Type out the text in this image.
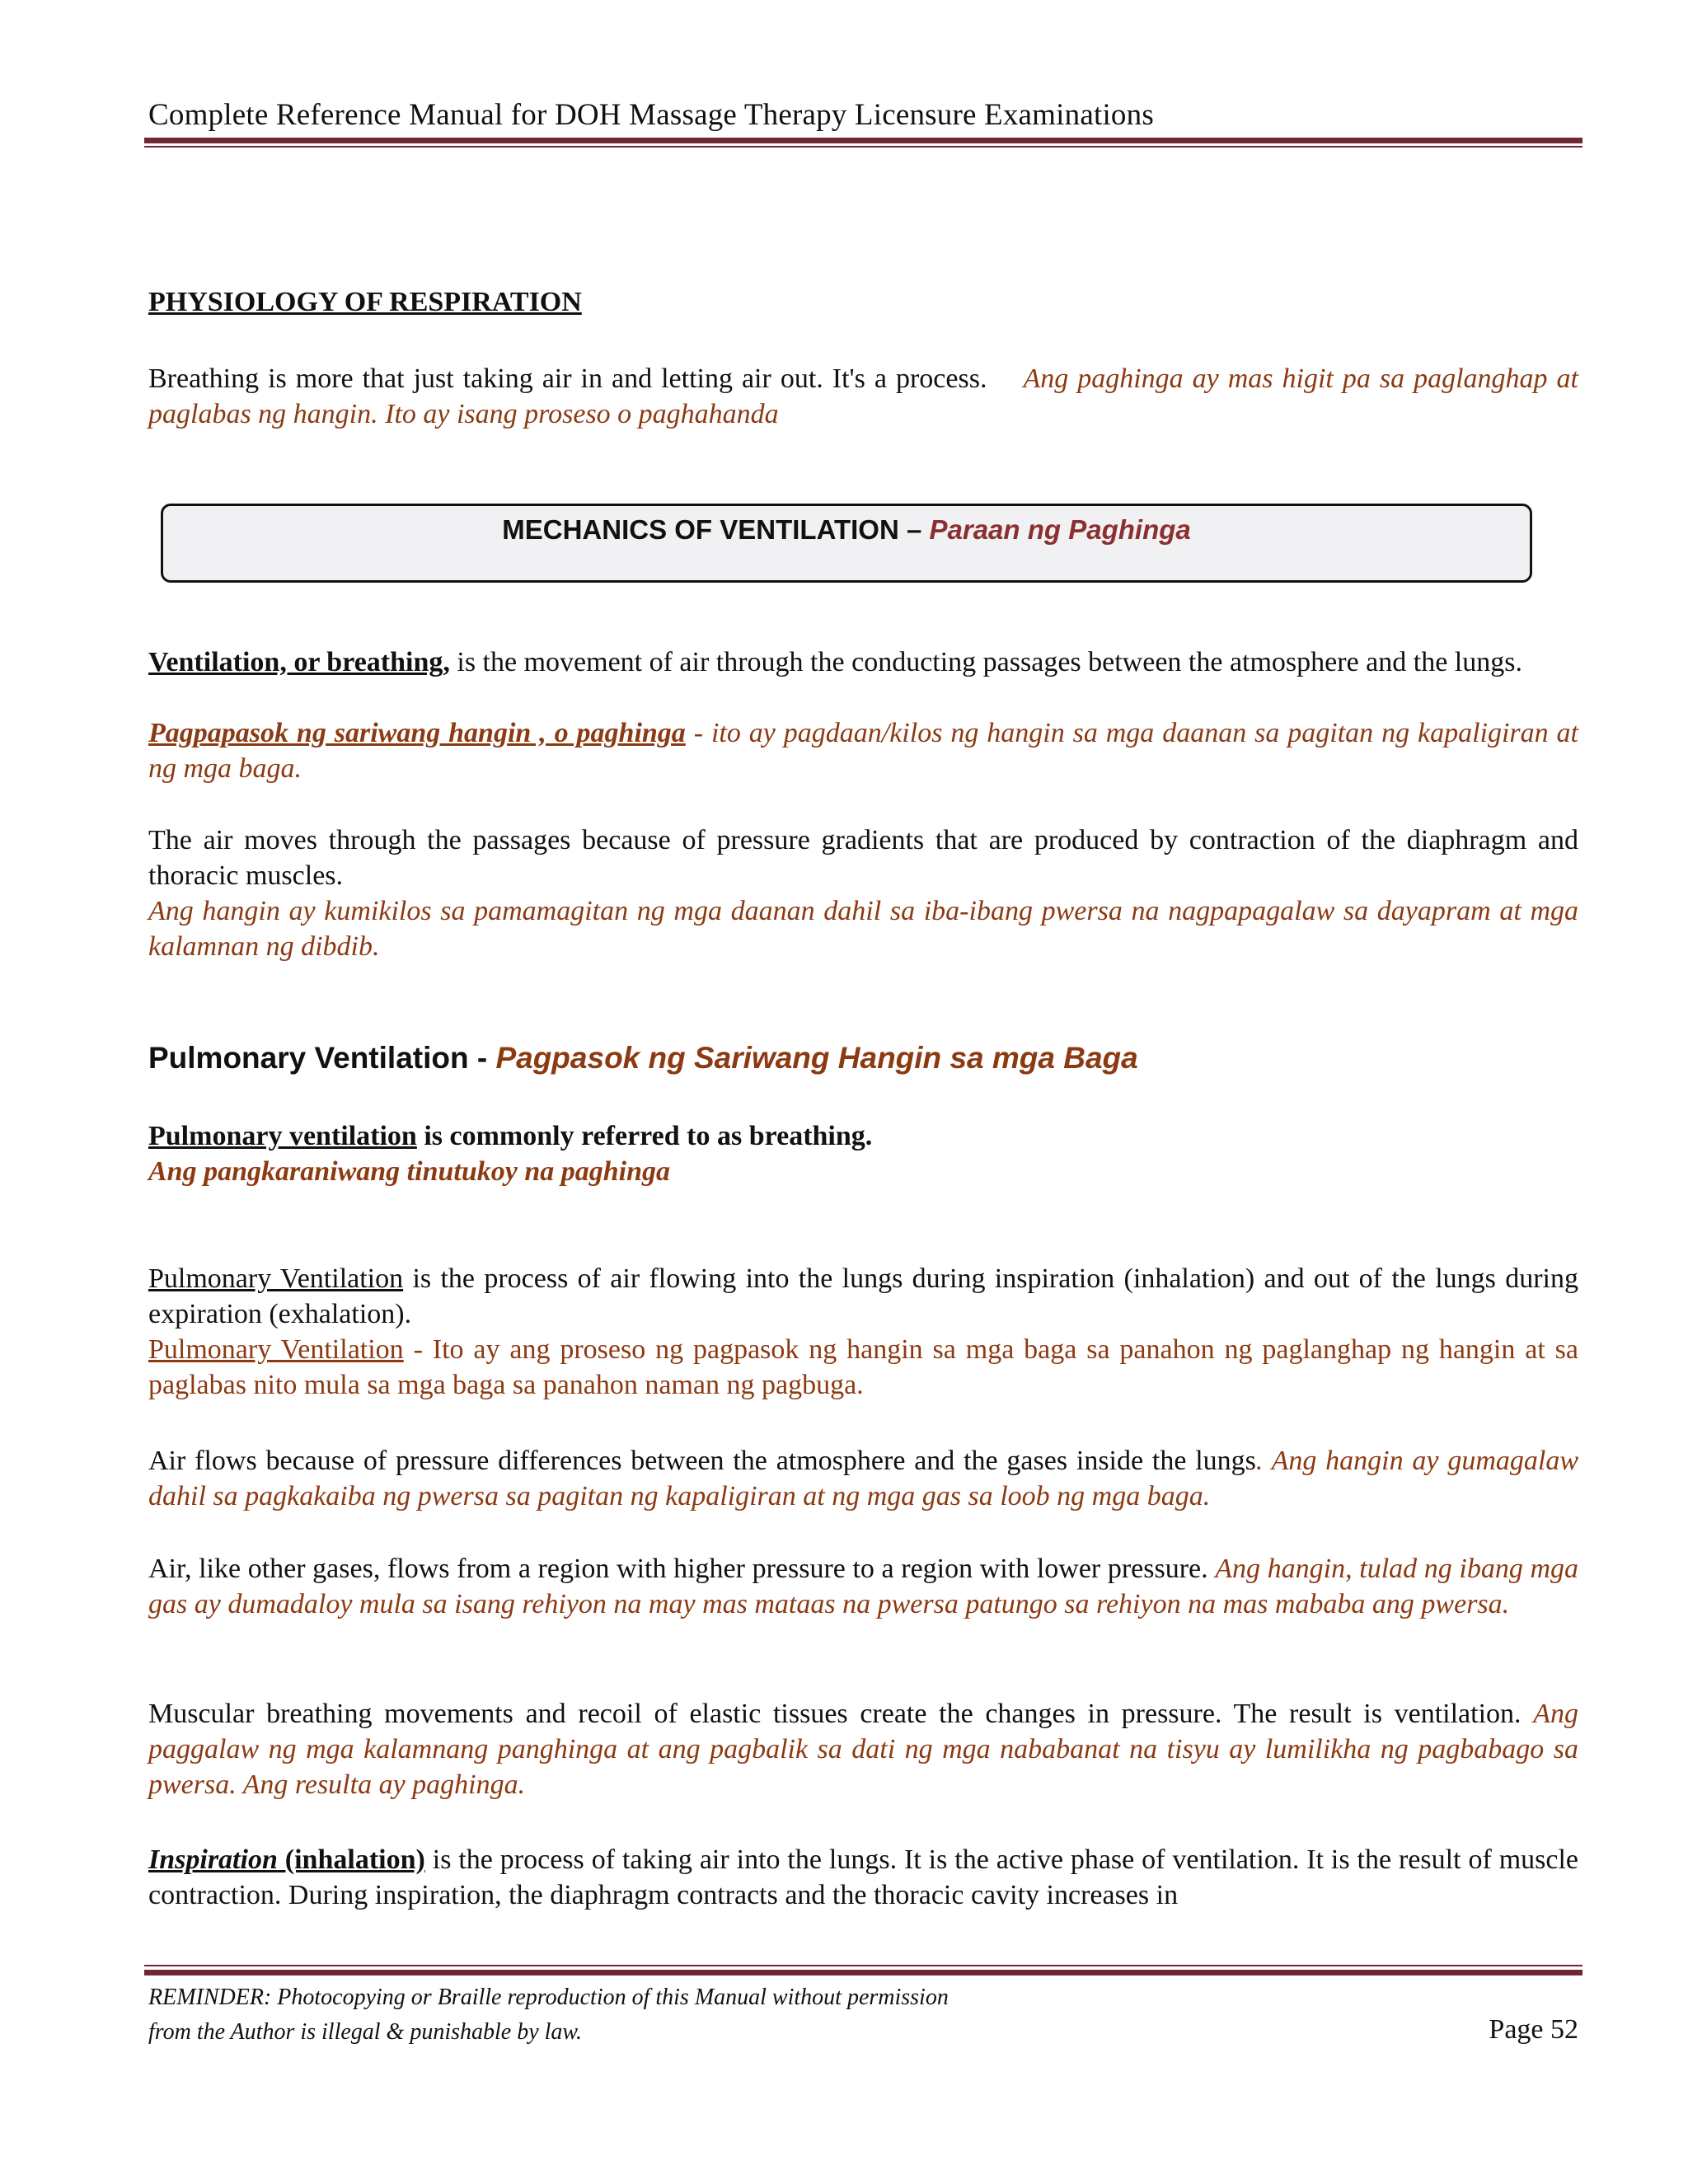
Complete Reference Manual for DOH Massage Therapy Licensure Examinations
PHYSIOLOGY OF RESPIRATION
Breathing is more that just taking air in and letting air out. It's a process. Ang paghinga ay mas higit pa sa paglanghap at paglabas ng hangin. Ito ay isang proseso o paghahanda
MECHANICS OF VENTILATION – Paraan ng Paghinga
Ventilation, or breathing, is the movement of air through the conducting passages between the atmosphere and the lungs.
Pagpapasok ng sariwang hangin , o paghinga - ito ay pagdaan/kilos ng hangin sa mga daanan sa pagitan ng kapaligiran at ng mga baga.
The air moves through the passages because of pressure gradients that are produced by contraction of the diaphragm and thoracic muscles.
Ang hangin ay kumikilos sa pamamagitan ng mga daanan dahil sa iba-ibang pwersa na nagpapagalaw sa dayapram at mga kalamnan ng dibdib.
Pulmonary Ventilation - Pagpasok ng Sariwang Hangin sa mga Baga
Pulmonary ventilation is commonly referred to as breathing.
Ang pangkaraniwang tinutukoy na paghinga
Pulmonary Ventilation is the process of air flowing into the lungs during inspiration (inhalation) and out of the lungs during expiration (exhalation).
Pulmonary Ventilation - Ito ay ang proseso ng pagpasok ng hangin sa mga baga sa panahon ng paglanghap ng hangin at sa paglabas nito mula sa mga baga sa panahon naman ng pagbuga.
Air flows because of pressure differences between the atmosphere and the gases inside the lungs. Ang hangin ay gumagalaw dahil sa pagkakaiba ng pwersa sa pagitan ng kapaligiran at ng mga gas sa loob ng mga baga.
Air, like other gases, flows from a region with higher pressure to a region with lower pressure. Ang hangin, tulad ng ibang mga gas ay dumadaloy mula sa isang rehiyon na may mas mataas na pwersa patungo sa rehiyon na mas mababa ang pwersa.
Muscular breathing movements and recoil of elastic tissues create the changes in pressure. The result is ventilation. Ang paggalaw ng mga kalamnang panghinga at ang pagbalik sa dati ng mga nababanat na tisyu ay lumilikha ng pagbabago sa pwersa. Ang resulta ay paghinga.
Inspiration (inhalation) is the process of taking air into the lungs. It is the active phase of ventilation. It is the result of muscle contraction. During inspiration, the diaphragm contracts and the thoracic cavity increases in
REMINDER: Photocopying or Braille reproduction of this Manual without permission
from the Author is illegal & punishable by law.	Page 52
